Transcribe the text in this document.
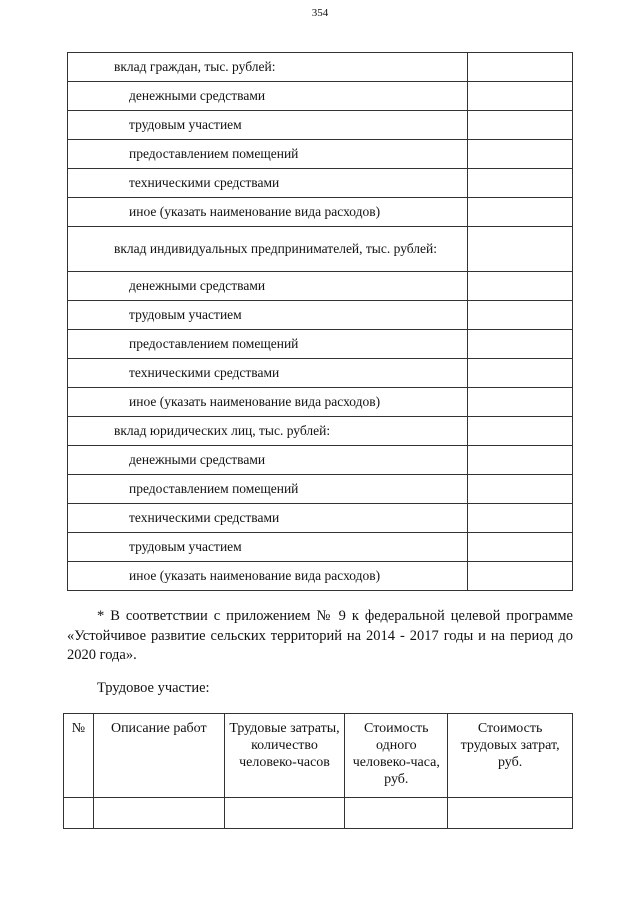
354
вклад граждан, тыс. рублей:	
денежными средствами	
трудовым участием	
предоставлением помещений	
техническими средствами	
иное (указать наименование вида расходов)	
вклад индивидуальных предпринимателей, тыс. рублей:	
денежными средствами	
трудовым участием	
предоставлением помещений	
техническими средствами	
иное (указать наименование вида расходов)	
вклад юридических лиц, тыс. рублей:	
денежными средствами	
предоставлением помещений	
техническими средствами	
трудовым участием	
иное (указать наименование вида расходов)	

* В соответствии с приложением № 9 к федеральной целевой программе «Устойчивое развитие сельских территорий на 2014 - 2017 годы и на период до 2020 года».

Трудовое участие:

№	Описание работ	Трудовые затраты, количество человеко-часов	Стоимость одного человеко-часа, руб.	Стоимость трудовых затрат, руб.
